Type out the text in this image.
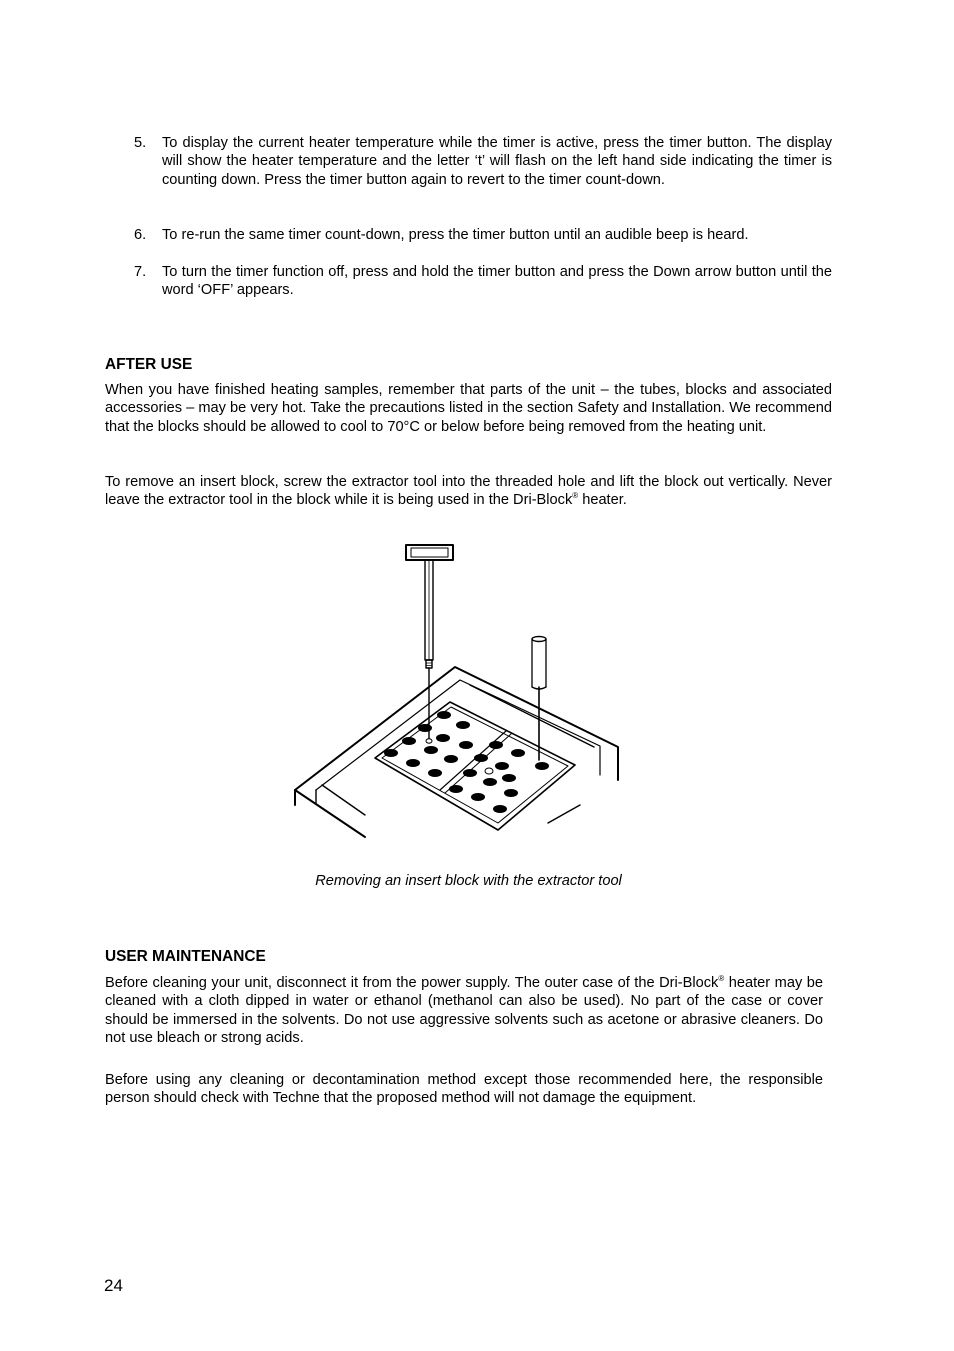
5. To display the current heater temperature while the timer is active, press the timer button. The display will show the heater temperature and the letter ‘t’ will flash on the left hand side indicating the timer is counting down. Press the timer button again to revert to the timer count-down.

6. To re-run the same timer count-down, press the timer button until an audible beep is heard.

7. To turn the timer function off, press and hold the timer button and press the Down arrow button until the word ‘OFF’ appears.

AFTER USE

When you have finished heating samples, remember that parts of the unit – the tubes, blocks and associated accessories – may be very hot. Take the precautions listed in the section Safety and Installation. We recommend that the blocks should be allowed to cool to 70°C or below before being removed from the heating unit.

To remove an insert block, screw the extractor tool into the threaded hole and lift the block out vertically. Never leave the extractor tool in the block while it is being used in the Dri-Block® heater.

Removing an insert block with the extractor tool

USER MAINTENANCE

Before cleaning your unit, disconnect it from the power supply. The outer case of the Dri-Block® heater may be cleaned with a cloth dipped in water or ethanol (methanol can also be used). No part of the case or cover should be immersed in the solvents. Do not use aggressive solvents such as acetone or abrasive cleaners. Do not use bleach or strong acids.

Before using any cleaning or decontamination method except those recommended here, the responsible person should check with Techne that the proposed method will not damage the equipment.

24
